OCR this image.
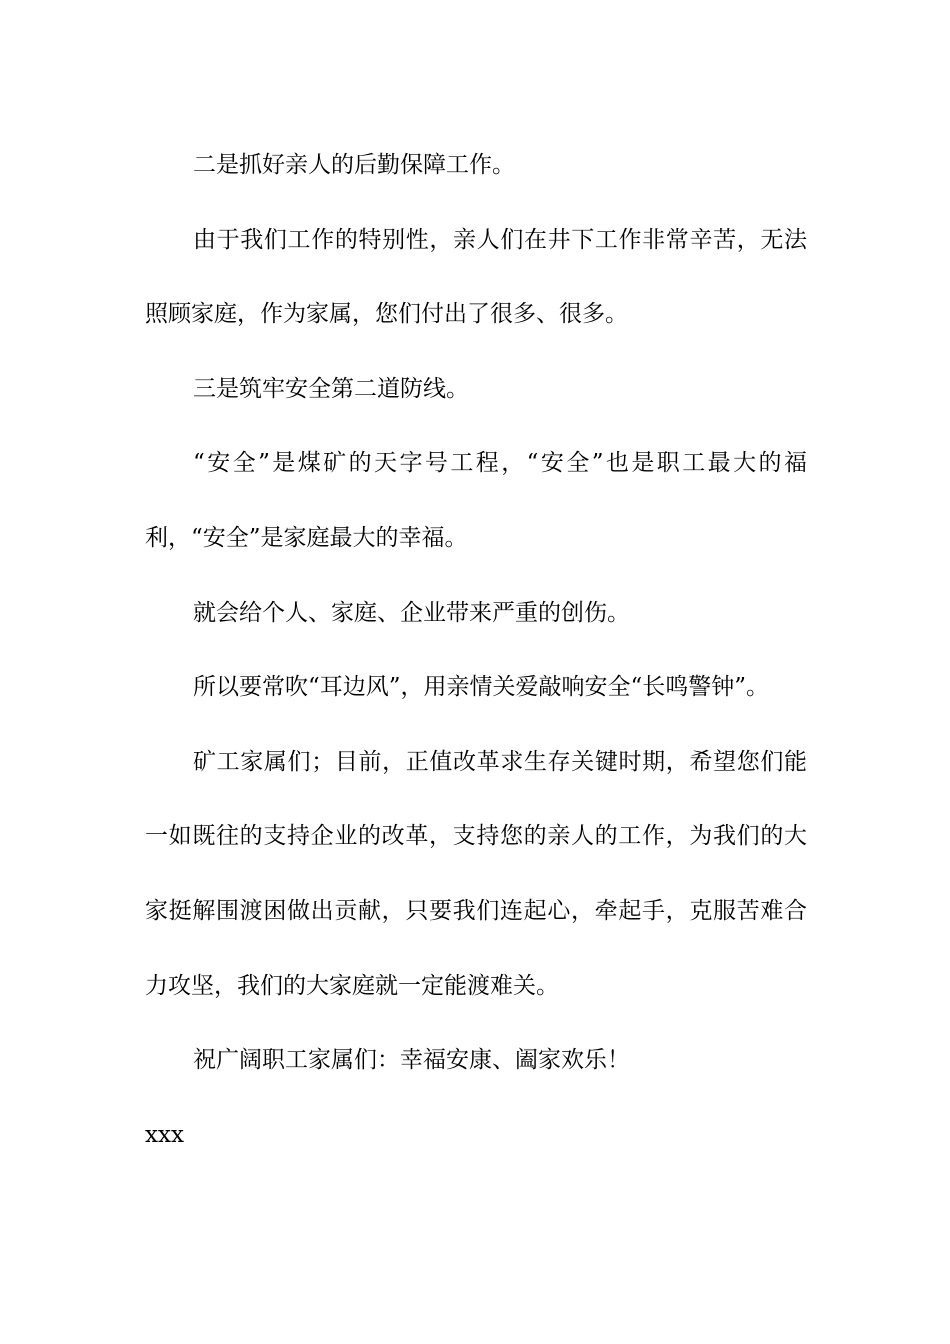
二是抓好亲人的后勤保障工作。

由于我们工作的特别性，亲人们在井下工作非常辛苦，无法照顾家庭，作为家属，您们付出了很多、很多。

三是筑牢安全第二道防线。

“安全”是煤矿的天字号工程，“安全”也是职工最大的福利，“安全”是家庭最大的幸福。

就会给个人、家庭、企业带来严重的创伤。

所以要常吹“耳边风”，用亲情关爱敲响安全“长鸣警钟”。

矿工家属们；目前，正值改革求生存关键时期，希望您们能一如既往的支持企业的改革，支持您的亲人的工作，为我们的大家挺解围渡困做出贡献，只要我们连起心，牵起手，克服苦难合力攻坚，我们的大家庭就一定能渡难关。

祝广阔职工家属们：幸福安康、阖家欢乐！

xxx
